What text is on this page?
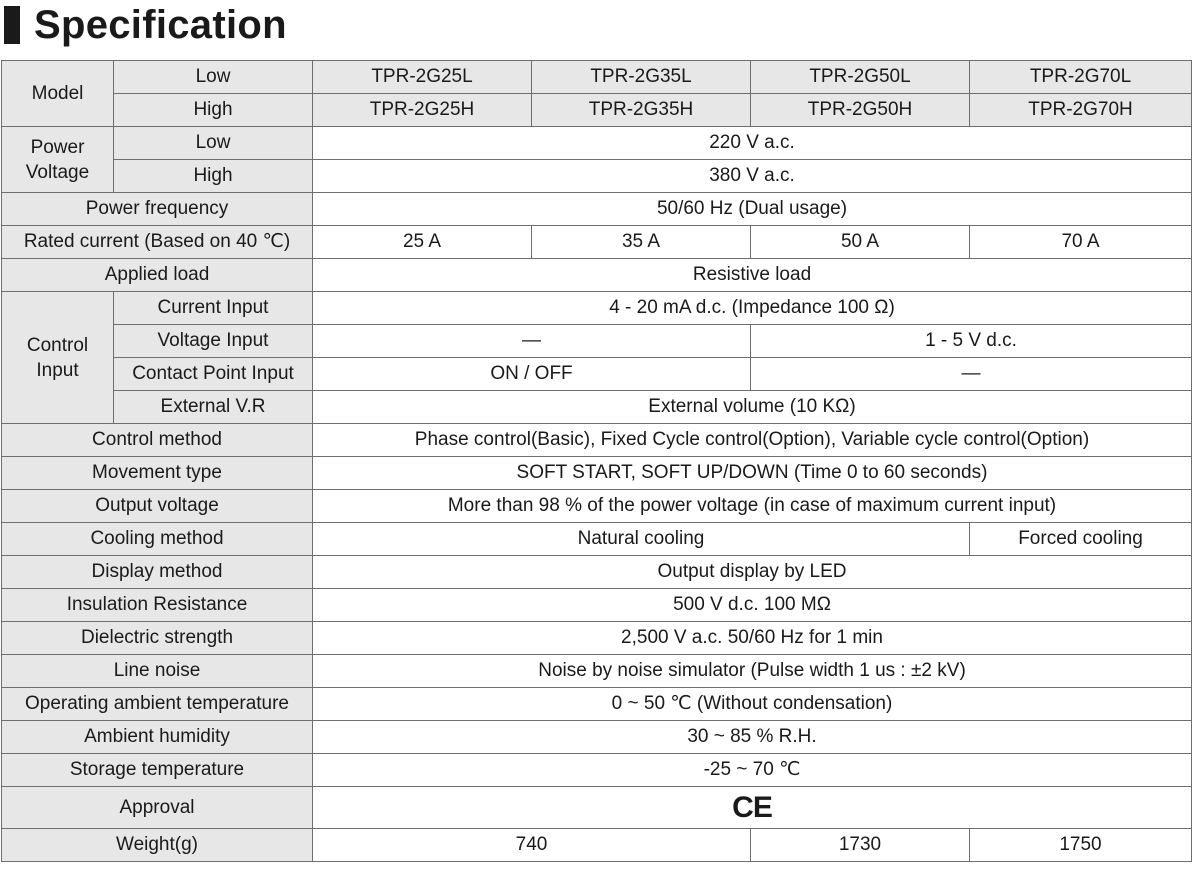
Specification
Model	Low	TPR-2G25L	TPR-2G35L	TPR-2G50L	TPR-2G70L
	High	TPR-2G25H	TPR-2G35H	TPR-2G50H	TPR-2G70H
Power
Voltage	Low	220 V a.c.			
	High	380 V a.c.			
Power frequency		50/60 Hz (Dual usage)			
Rated current (Based on 40 ℃)		25 A	35 A	50 A	70 A
Applied load		Resistive load			
Control
Input	Current Input	4 - 20 mA d.c. (Impedance 100 Ω)			
	Voltage Input	—		1 - 5 V d.c.	
	Contact Point Input	ON / OFF		—	
	External V.R	External volume (10 KΩ)			
Control method		Phase control(Basic), Fixed Cycle control(Option), Variable cycle control(Option)			
Movement type		SOFT START, SOFT UP/DOWN (Time 0 to 60 seconds)			
Output voltage		More than 98 % of the power voltage (in case of maximum current input)			
Cooling method		Natural cooling			Forced cooling
Display method		Output display by LED			
Insulation Resistance		500 V d.c. 100 MΩ			
Dielectric strength		2,500 V a.c. 50/60 Hz for 1 min			
Line noise		Noise by noise simulator (Pulse width 1 us : ±2 kV)			
Operating ambient temperature		0 ~ 50 ℃ (Without condensation)			
Ambient humidity		30 ~ 85 % R.H.			
Storage temperature		-25 ~ 70 ℃			
Approval		CE			
Weight(g)		740		1730	1750
